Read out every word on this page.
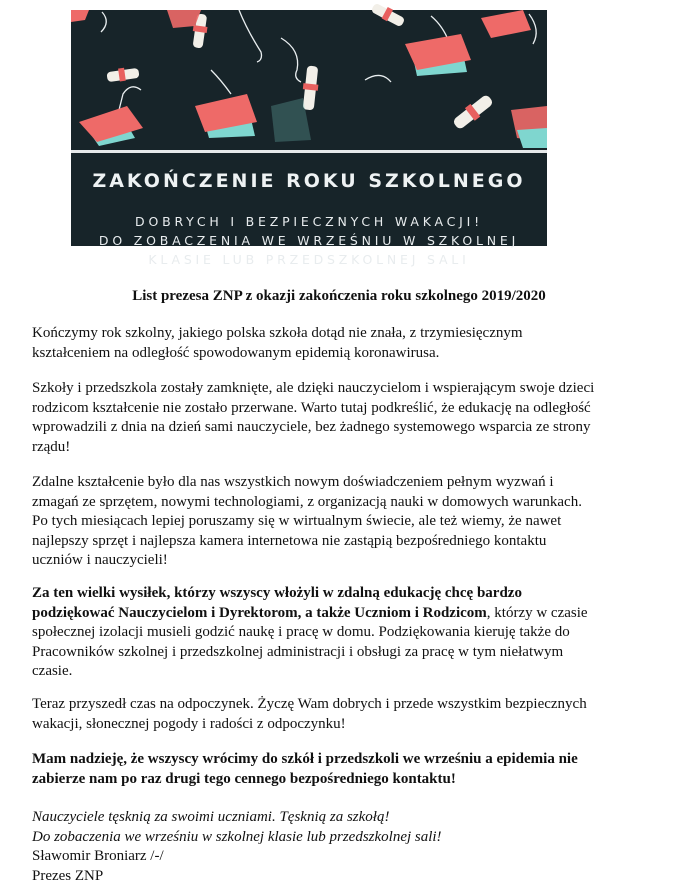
ZAKOŃCZENIE ROKU SZKOLNEGO
DOBRYCH I BEZPIECZNYCH WAKACJI!
DO ZOBACZENIA WE WRZEŚNIU W SZKOLNEJ
KLASIE LUB PRZEDSZKOLNEJ SALI
List prezesa ZNP z okazji zakończenia roku szkolnego 2019/2020

Kończymy rok szkolny, jakiego polska szkoła dotąd nie znała, z trzymiesięcznym
kształceniem na odległość spowodowanym epidemią koronawirusa.

Szkoły i przedszkola zostały zamknięte, ale dzięki nauczycielom i wspierającym swoje dzieci
rodzicom kształcenie nie zostało przerwane. Warto tutaj podkreślić, że edukację na odległość
wprowadzili z dnia na dzień sami nauczyciele, bez żadnego systemowego wsparcia ze strony
rządu!

Zdalne kształcenie było dla nas wszystkich nowym doświadczeniem pełnym wyzwań i
zmagań ze sprzętem, nowymi technologiami, z organizacją nauki w domowych warunkach.
Po tych miesiącach lepiej poruszamy się w wirtualnym świecie, ale też wiemy, że nawet
najlepszy sprzęt i najlepsza kamera internetowa nie zastąpią bezpośredniego kontaktu
uczniów i nauczycieli!

Za ten wielki wysiłek, którzy wszyscy włożyli w zdalną edukację chcę bardzo
podziękować Nauczycielom i Dyrektorom, a także Uczniom i Rodzicom, którzy w czasie
społecznej izolacji musieli godzić naukę i pracę w domu. Podziękowania kieruję także do
Pracowników szkolnej i przedszkolnej administracji i obsługi za pracę w tym niełatwym
czasie.

Teraz przyszedł czas na odpoczynek. Życzę Wam dobrych i przede wszystkim bezpiecznych
wakacji, słonecznej pogody i radości z odpoczynku!

Mam nadzieję, że wszyscy wrócimy do szkół i przedszkoli we wrześniu a epidemia nie
zabierze nam po raz drugi tego cennego bezpośredniego kontaktu!

Nauczyciele tęsknią za swoimi uczniami. Tęsknią za szkołą!
Do zobaczenia we wrześniu w szkolnej klasie lub przedszkolnej sali!
Sławomir Broniarz /-/
Prezes ZNP
